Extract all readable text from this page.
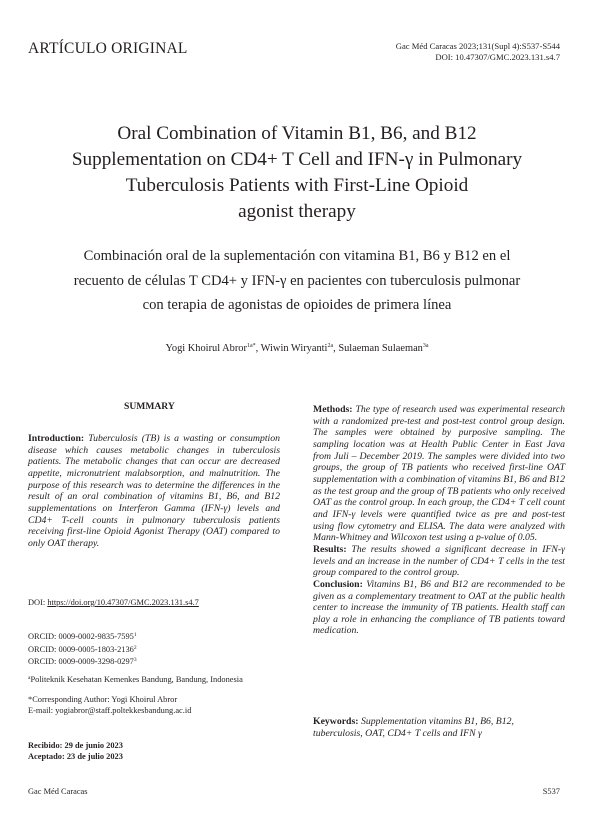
ARTÍCULO ORIGINAL	Gac Méd Caracas 2023;131(Supl 4):S537-S544
DOI: 10.47307/GMC.2023.131.s4.7
Oral Combination of Vitamin B1, B6, and B12
Supplementation on CD4+ T Cell and IFN-γ in Pulmonary
Tuberculosis Patients with First-Line Opioid
agonist therapy
Combinación oral de la suplementación con vitamina B1, B6 y B12 en el
recuento de células T CD4+ y IFN-γ en pacientes con tuberculosis pulmonar
con terapia de agonistas de opioides de primera línea
Yogi Khoirul Abror$^{1a*}$, Wiwin Wiryanti$^{2a}$, Sulaeman Sulaeman$^{3a}$
SUMMARY

Introduction: Tuberculosis (TB) is a wasting or consumption disease which causes metabolic changes in tuberculosis patients. The metabolic changes that can occur are decreased appetite, micronutrient malabsorption, and malnutrition. The purpose of this research was to determine the differences in the result of an oral combination of vitamins B1, B6, and B12 supplementations on Interferon Gamma (IFN-γ) levels and CD4+ T-cell counts in pulmonary tuberculosis patients receiving first-line Opioid Agonist Therapy (OAT) compared to only OAT therapy.

Methods: The type of research used was experimental research with a randomized pre-test and post-test control group design. The samples were obtained by purposive sampling. The sampling location was at Health Public Center in East Java from Juli – December 2019. The samples were divided into two groups, the group of TB patients who received first-line OAT supplementation with a combination of vitamins B1, B6 and B12 as the test group and the group of TB patients who only received OAT as the control group. In each group, the CD4+ T cell count and IFN-γ levels were quantified twice as pre and post-test using flow cytometry and ELISA. The data were analyzed with Mann-Whitney and Wilcoxon test using a p-value of 0.05.

Results: The results showed a significant decrease in IFN-γ levels and an increase in the number of CD4+ T cells in the test group compared to the control group.

Conclusion: Vitamins B1, B6 and B12 are recommended to be given as a complementary treatment to OAT at the public health center to increase the immunity of TB patients. Health staff can play a role in enhancing the compliance of TB patients toward medication.

Keywords: Supplementation vitamins B1, B6, B12, tuberculosis, OAT, CD4+ T cells and IFN γ
DOI: https://doi.org/10.47307/GMC.2023.131.s4.7
ORCID: 0009-0002-9835-7595$^1$
ORCID: 0009-0005-1803-2136$^2$
ORCID: 0009-0009-3298-0297$^3$
$^a$Politeknik Kesehatan Kemenkes Bandung, Bandung, Indonesia
*Corresponding Author: Yogi Khoirul Abror
E-mail: yogiabror@staff.poltekkesbandung.ac.id
Recibido: 29 de junio 2023
Aceptado: 23 de julio 2023
Gac Méd Caracas	S537
